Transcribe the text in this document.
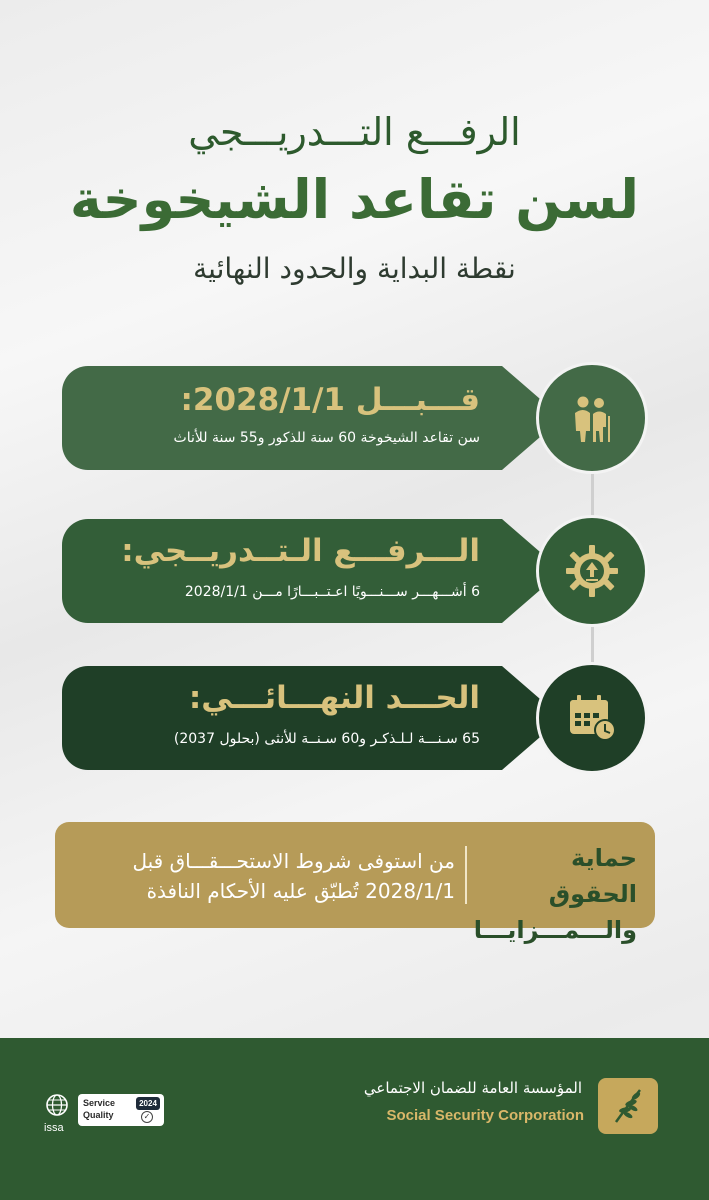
الرفـــع التـــدريـــجي
لسن تقاعد الشيخوخة
نقطة البداية والحدود النهائية
قـــبـــل 2028/1/1:
سن تقاعد الشيخوخة 60 سنة للذكور و55 سنة للأناث
الـــرفـــع الـتــدريــجي:
6 أشـــهـــر ســـنـــويًا اعـتــبـــارًا مـــن 2028/1/1
الحـــد النهـــائـــي:
65 سـنـــة لـلـذكـر و60 سـنــة للأنثى (بحلول 2037)
حماية الحقوق
والـــمـــزايـــا
من استوفى شروط الاستحـــقـــاق قبل
2028/1/1 تُطبّق عليه الأحكام النافذة
المؤسسة العامة للضمان الاجتماعي
Social Security Corporation
issa
Service
Quality
2024
✓
